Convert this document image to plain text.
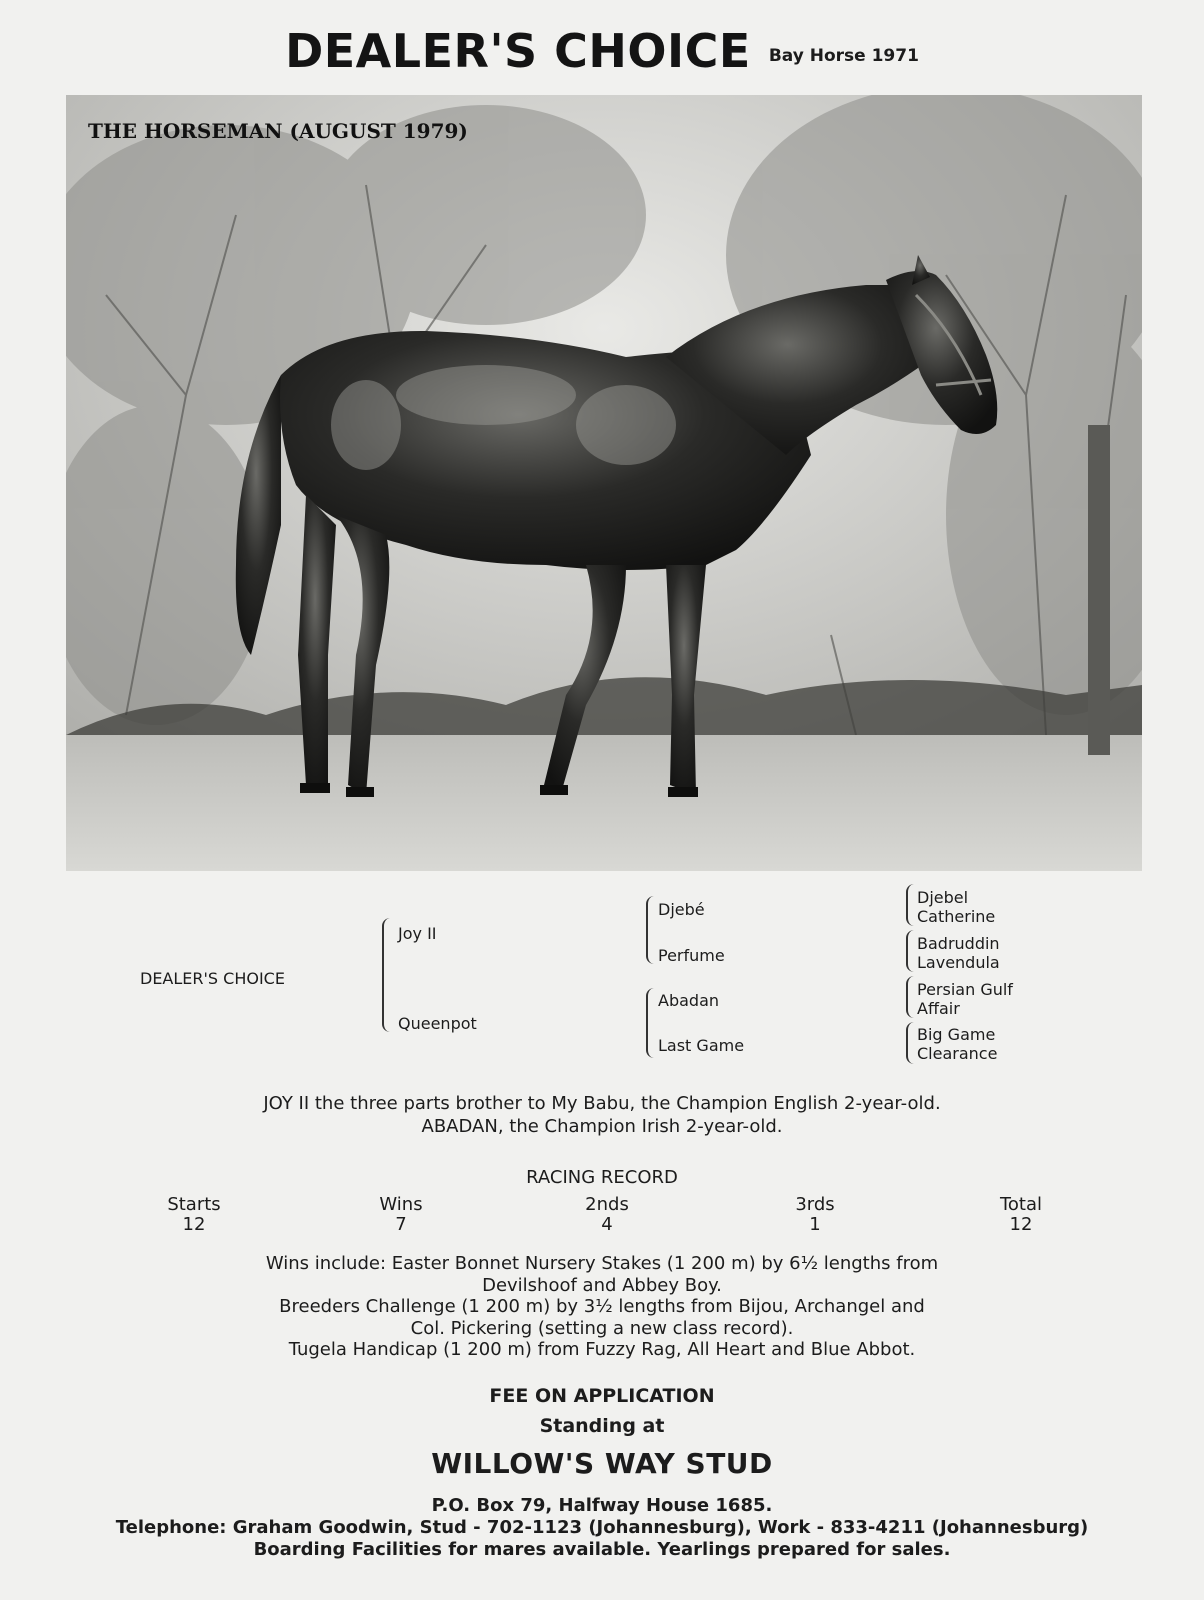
DEALER'S CHOICE Bay Horse 1971
THE HORSEMAN (AUGUST 1979)
DEALER'S CHOICE
Joy II
Queenpot
Djebé
Perfume
Abadan
Last Game
Djebel
Catherine
Badruddin
Lavendula
Persian Gulf
Affair
Big Game
Clearance
JOY II the three parts brother to My Babu, the Champion English 2-year-old.
ABADAN, the Champion Irish 2-year-old.
RACING RECORD
Starts
12
Wins
7
2nds
4
3rds
1
Total
12
Wins include: Easter Bonnet Nursery Stakes (1 200 m) by 6½ lengths from
Devilshoof and Abbey Boy.
Breeders Challenge (1 200 m) by 3½ lengths from Bijou, Archangel and
Col. Pickering (setting a new class record).
Tugela Handicap (1 200 m) from Fuzzy Rag, All Heart and Blue Abbot.
FEE ON APPLICATION
Standing at
WILLOW'S WAY STUD
P.O. Box 79, Halfway House 1685.
Telephone: Graham Goodwin, Stud - 702-1123 (Johannesburg), Work - 833-4211 (Johannesburg)
Boarding Facilities for mares available. Yearlings prepared for sales.
